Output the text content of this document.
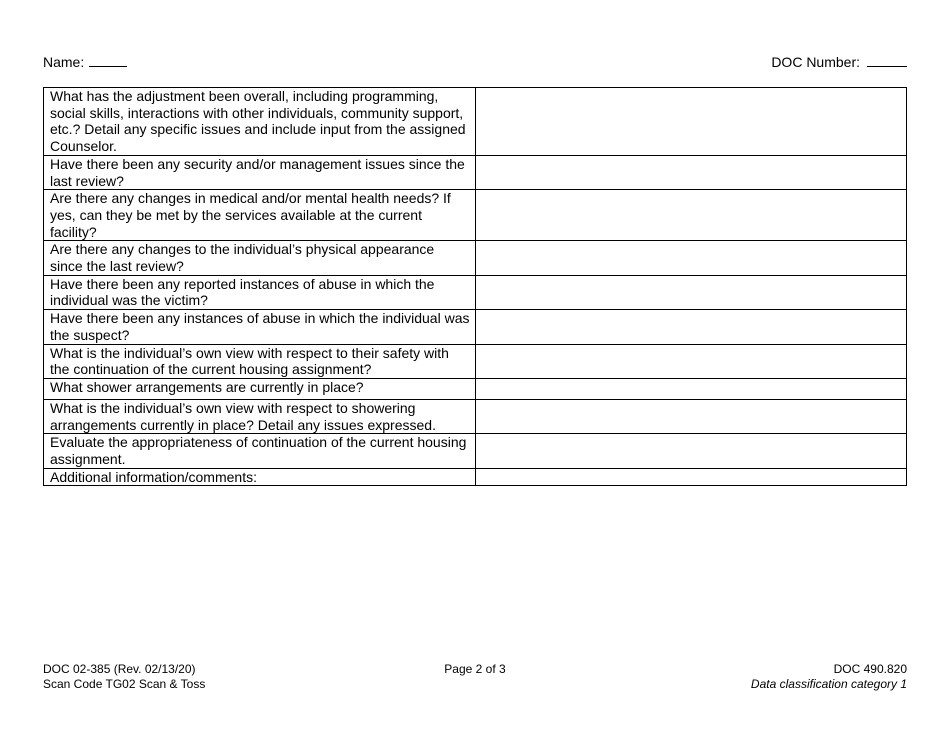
Name:	DOC Number:
What has the adjustment been overall, including programming, social skills, interactions with other individuals, community support, etc.? Detail any specific issues and include input from the assigned Counselor.	
Have there been any security and/or management issues since the last review?	
Are there any changes in medical and/or mental health needs? If yes, can they be met by the services available at the current facility?	
Are there any changes to the individual’s physical appearance since the last review?	
Have there been any reported instances of abuse in which the individual was the victim?	
Have there been any instances of abuse in which the individual was the suspect?	
What is the individual’s own view with respect to their safety with the continuation of the current housing assignment?	
What shower arrangements are currently in place?	
What is the individual’s own view with respect to showering arrangements currently in place? Detail any issues expressed.	
Evaluate the appropriateness of continuation of the current housing assignment.	
Additional information/comments:	
DOC 02-385 (Rev. 02/13/20)
Scan Code TG02 Scan & Toss
Page 2 of 3	DOC 490.820
Data classification category 1
